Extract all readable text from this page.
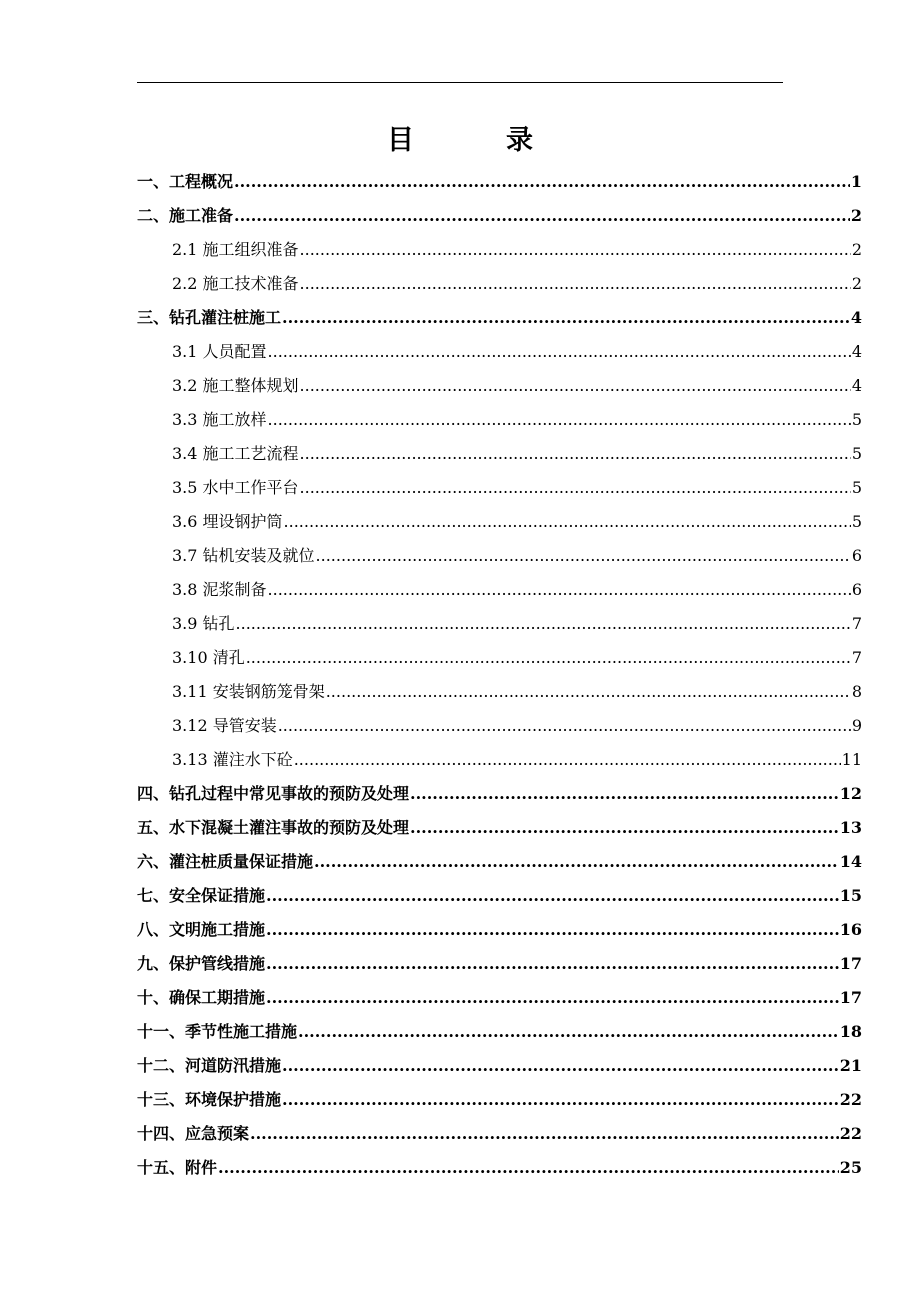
目	录
一、工程概况 .....	1
二、施工准备 .....	2
2.1 施工组织准备 .....	2
2.2 施工技术准备 .....	2
三、钻孔灌注桩施工 .....	4
3.1 人员配置 .....	4
3.2 施工整体规划 .....	4
3.3 施工放样 .....	5
3.4 施工工艺流程 .....	5
3.5 水中工作平台 .....	5
3.6 埋设钢护筒 .....	5
3.7 钻机安装及就位 .....	6
3.8 泥浆制备 .....	6
3.9 钻孔 .....	7
3.10 清孔 .....	7
3.11 安装钢筋笼骨架 .....	8
3.12 导管安装 .....	9
3.13 灌注水下砼 .....	11
四、钻孔过程中常见事故的预防及处理 .....	12
五、水下混凝土灌注事故的预防及处理 .....	13
六、灌注桩质量保证措施 .....	14
七、安全保证措施 .....	15
八、文明施工措施 .....	16
九、保护管线措施 .....	17
十、确保工期措施 .....	17
十一、季节性施工措施 .....	18
十二、河道防汛措施 .....	21
十三、环境保护措施 .....	22
十四、应急预案 .....	22
十五、附件 .....	25
